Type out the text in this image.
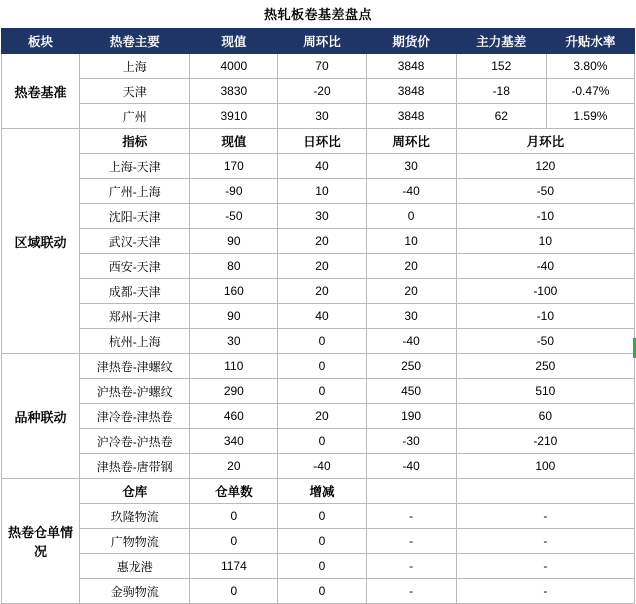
热轧板卷基差盘点
板块	热卷主要	现值	周环比	期货价	主力基差	升贴水率
热卷基准	上海	4000	70	3848	152	3.80%
	天津	3830	-20	3848	-18	-0.47%
	广州	3910	30	3848	62	1.59%
区域联动	指标	现值	日环比	周环比	月环比	
	上海-天津	170	40	30	120	
	广州-上海	-90	10	-40	-50	
	沈阳-天津	-50	30	0	-10	
	武汉-天津	90	20	10	10	
	西安-天津	80	20	20	-40	
	成都-天津	160	20	20	-100	
	郑州-天津	90	40	30	-10	
	杭州-上海	30	0	-40	-50	
品种联动	津热卷-津螺纹	110	0	250	250	
	沪热卷-沪螺纹	290	0	450	510	
	津冷卷-津热卷	460	20	190	60	
	沪冷卷-沪热卷	340	0	-30	-210	
	津热卷-唐带钢	20	-40	-40	100	
热卷仓单情况	仓库	仓单数	增减			
	玖隆物流	0	0	-	-	
	广物物流	0	0	-	-	
	惠龙港	1174	0	-	-	
	金驹物流	0	0	-	-	
